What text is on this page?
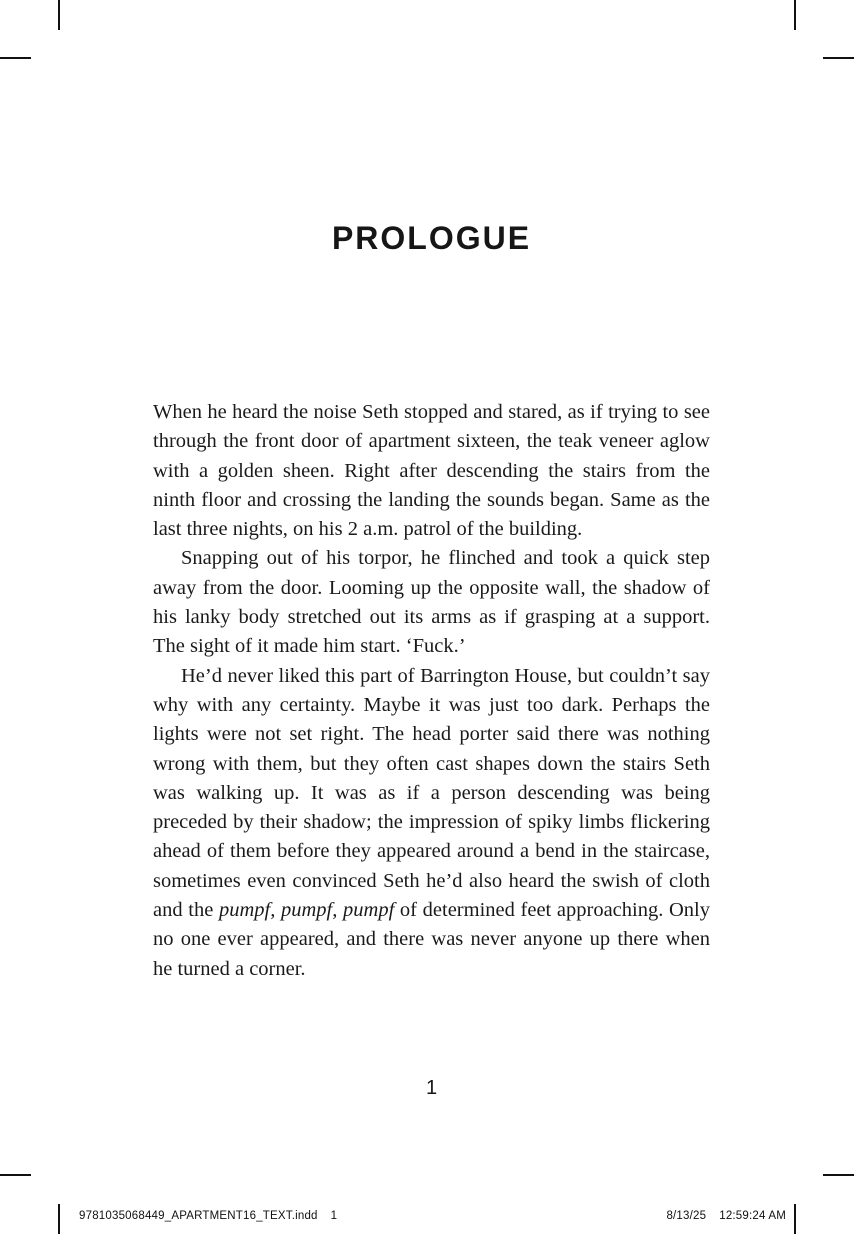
PROLOGUE

When he heard the noise Seth stopped and stared, as if trying to see through the front door of apartment sixteen, the teak veneer aglow with a golden sheen. Right after descending the stairs from the ninth floor and crossing the landing the sounds began. Same as the last three nights, on his 2 a.m. patrol of the building.

Snapping out of his torpor, he flinched and took a quick step away from the door. Looming up the opposite wall, the shadow of his lanky body stretched out its arms as if grasping at a support. The sight of it made him start. ‘Fuck.’

He’d never liked this part of Barrington House, but couldn’t say why with any certainty. Maybe it was just too dark. Perhaps the lights were not set right. The head porter said there was nothing wrong with them, but they often cast shapes down the stairs Seth was walking up. It was as if a person descending was being preceded by their shadow; the impression of spiky limbs flickering ahead of them before they appeared around a bend in the staircase, sometimes even convinced Seth he’d also heard the swish of cloth and the pumpf, pumpf, pumpf of determined feet approaching. Only no one ever appeared, and there was never anyone up there when he turned a corner.

1
9781035068449_APARTMENT16_TEXT.indd 1	8/13/25 12:59:24 AM
